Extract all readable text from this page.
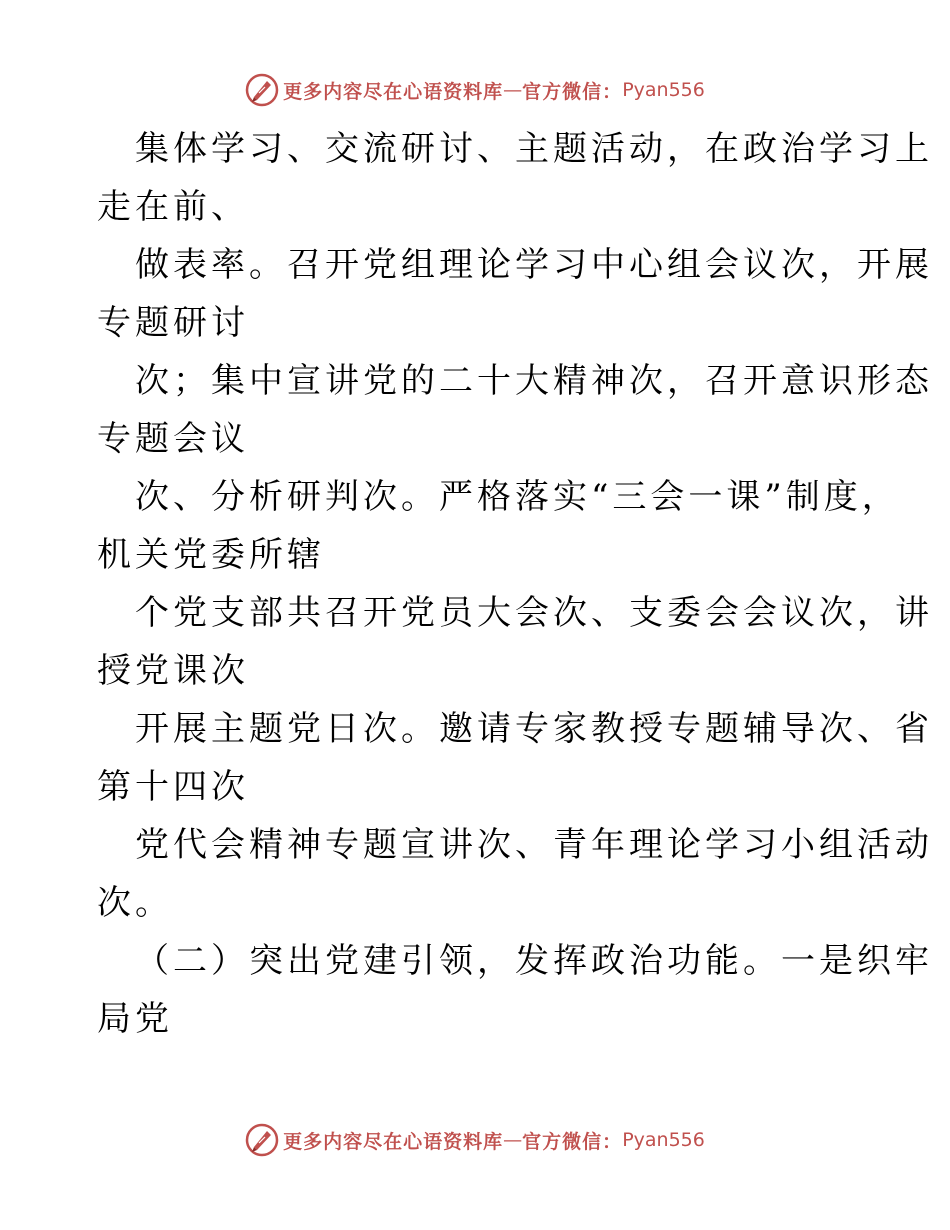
更多内容尽在心语资料库 — 官方微信： Pyan556
集体学习、交流研讨、主题活动，在政治学习上
走在前、
做表率。召开党组理论学习中心组会议次，开展
专题研讨
次；集中宣讲党的二十大精神次，召开意识形态
专题会议
次、分析研判次。严格落实“三会一课”制度，
机关党委所辖
个党支部共召开党员大会次、支委会会议次，讲
授党课次
开展主题党日次。邀请专家教授专题辅导次、省
第十四次
党代会精神专题宣讲次、青年理论学习小组活动
次。
（二）突出党建引领，发挥政治功能。一是织牢
局党
更多内容尽在心语资料库 — 官方微信： Pyan556
